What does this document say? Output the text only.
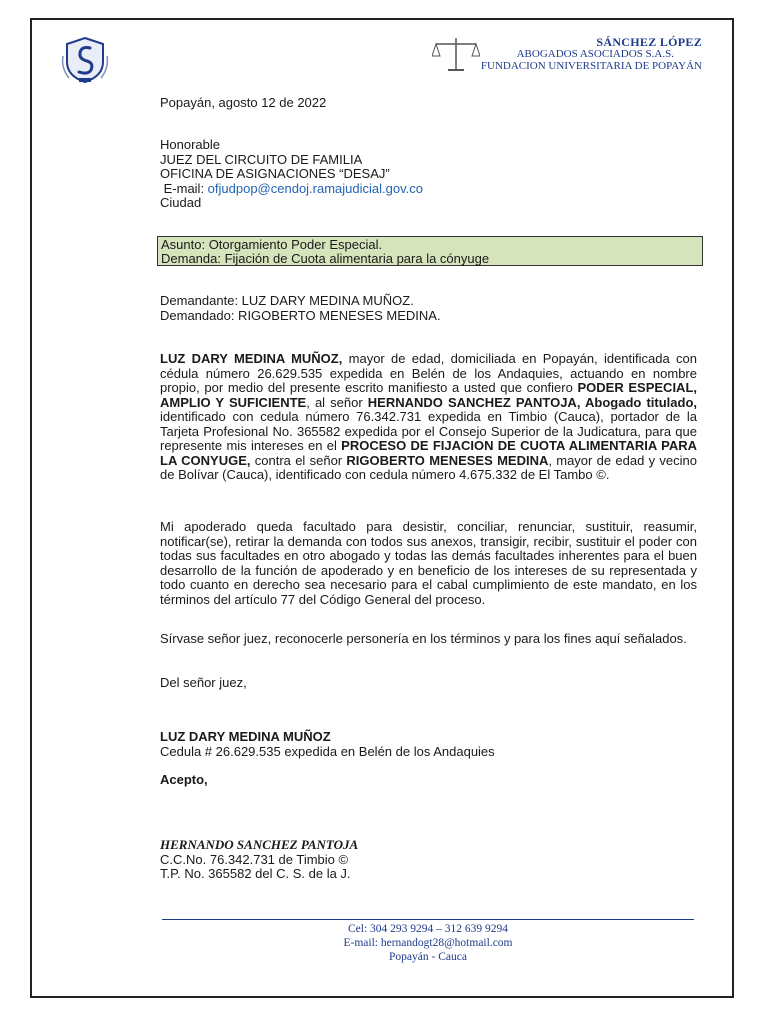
SÁNCHEZ LÓPEZ
ABOGADOS ASOCIADOS S.A.S.
FUNDACION UNIVERSITARIA DE POPAYÁN
Popayán, agosto 12 de 2022
Honorable
JUEZ DEL CIRCUITO DE FAMILIA
OFICINA DE ASIGNACIONES “DESAJ”
E-mail: ofjudpop@cendoj.ramajudicial.gov.co
Ciudad
Asunto: Otorgamiento Poder Especial.
Demanda: Fijación de Cuota alimentaria para la cónyuge
Demandante: LUZ DARY MEDINA MUÑOZ.
Demandado: RIGOBERTO MENESES MEDINA.
LUZ DARY MEDINA MUÑOZ, mayor de edad, domiciliada en Popayán, identificada con cédula número 26.629.535 expedida en Belén de los Andaquies, actuando en nombre propio, por medio del presente escrito manifiesto a usted que confiero PODER ESPECIAL, AMPLIO Y SUFICIENTE, al señor HERNANDO SANCHEZ PANTOJA, Abogado titulado, identificado con cedula número 76.342.731 expedida en Timbio (Cauca), portador de la Tarjeta Profesional No. 365582 expedida por el Consejo Superior de la Judicatura, para que represente mis intereses en el PROCESO DE FIJACION DE CUOTA ALIMENTARIA PARA LA CONYUGE, contra el señor RIGOBERTO MENESES MEDINA, mayor de edad y vecino de Bolívar (Cauca), identificado con cedula número 4.675.332 de El Tambo ©.
Mi apoderado queda facultado para desistir, conciliar, renunciar, sustituir, reasumir, notificar(se), retirar la demanda con todos sus anexos, transigir, recibir, sustituir el poder con todas sus facultades en otro abogado y todas las demás facultades inherentes para el buen desarrollo de la función de apoderado y en beneficio de los intereses de su representada y todo cuanto en derecho sea necesario para el cabal cumplimiento de este mandato, en los términos del artículo 77 del Código General del proceso.
Sírvase señor juez, reconocerle personería en los términos y para los fines aquí señalados.
Del señor juez,
LUZ DARY MEDINA MUÑOZ
Cedula # 26.629.535 expedida en Belén de los Andaquies
Acepto,
HERNANDO SANCHEZ PANTOJA
C.C.No. 76.342.731 de Timbio ©
T.P. No. 365582 del C. S. de la J.
Cel: 304 293 9294 – 312 639 9294
E-mail: hernandogt28@hotmail.com
Popayán - Cauca
